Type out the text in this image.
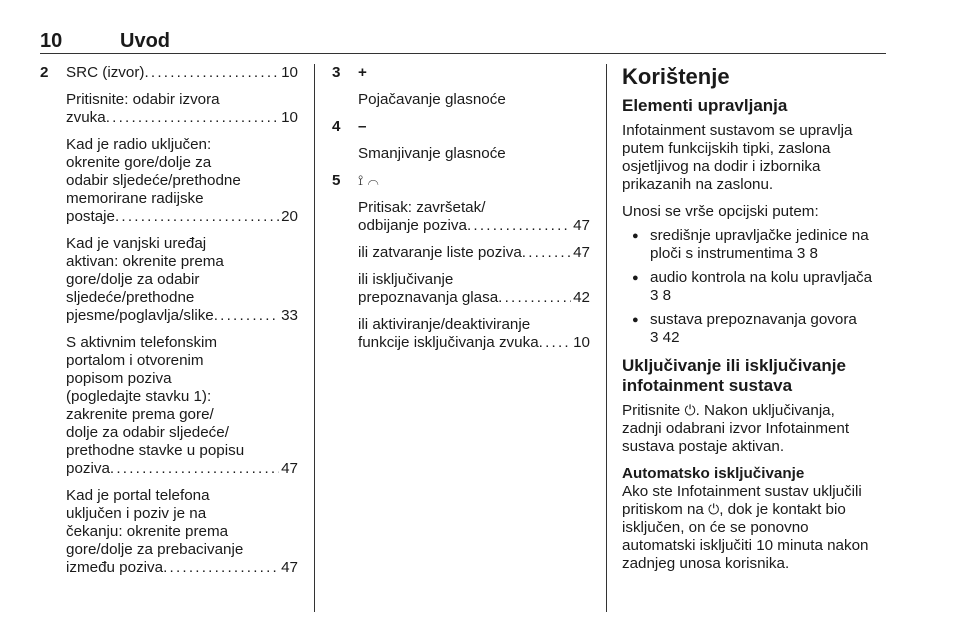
10	Uvod
2 SRC (izvor) . . .	10

Pritisnite: odabir izvora

zvuka . . .	10

Kad je radio uključen:
okrenite gore/dolje za
odabir sljedeće/prethodne
memorirane radijske

postaje . . .	20

Kad je vanjski uređaj
aktivan: okrenite prema
gore/dolje za odabir
sljedeće/prethodne

pjesme/poglavlja/slike . . .	33

S aktivnim telefonskim
portalom i otvorenim
popisom poziva
(pogledajte stavku 1):
zakrenite prema gore/
dolje za odabir sljedeće/
prethodne stavke u popisu

poziva . . .	47

Kad je portal telefona
uključen i poziv je na
čekanju: okrenite prema
gore/dolje za prebacivanje

između poziva . . .	47

3 +

Pojačavanje glasnoće

4 –

Smanjivanje glasnoće

5 ⟟ ⌒

Pritisak: završetak/

odbijanje poziva . . .	47

ili zatvaranje liste poziva . . .	47

ili isključivanje

prepoznavanja glasa . . .	42

ili aktiviranje/deaktiviranje

funkcije isključivanja zvuka . . . 10

Korištenje
Elementi upravljanja

Infotainment sustavom se upravlja
putem funkcijskih tipki, zaslona
osjetljivog na dodir i izbornika
prikazanih na zaslonu.

Unosi se vrše opcijski putem:

● središnje upravljačke jedinice na
ploči s instrumentima 3 8
● audio kontrola na kolu upravljača
3 8
● sustava prepoznavanja govora
3 42
Uključivanje ili isključivanje
infotainment sustava

Pritisnite ⏻. Nakon uključivanja,
zadnji odabrani izvor Infotainment
sustava postaje aktivan.

Automatsko isključivanje

Ako ste Infotainment sustav uključili
pritiskom na ⏻, dok je kontakt bio
isključen, on će se ponovno
automatski isključiti 10 minuta nakon
zadnjeg unosa korisnika.
